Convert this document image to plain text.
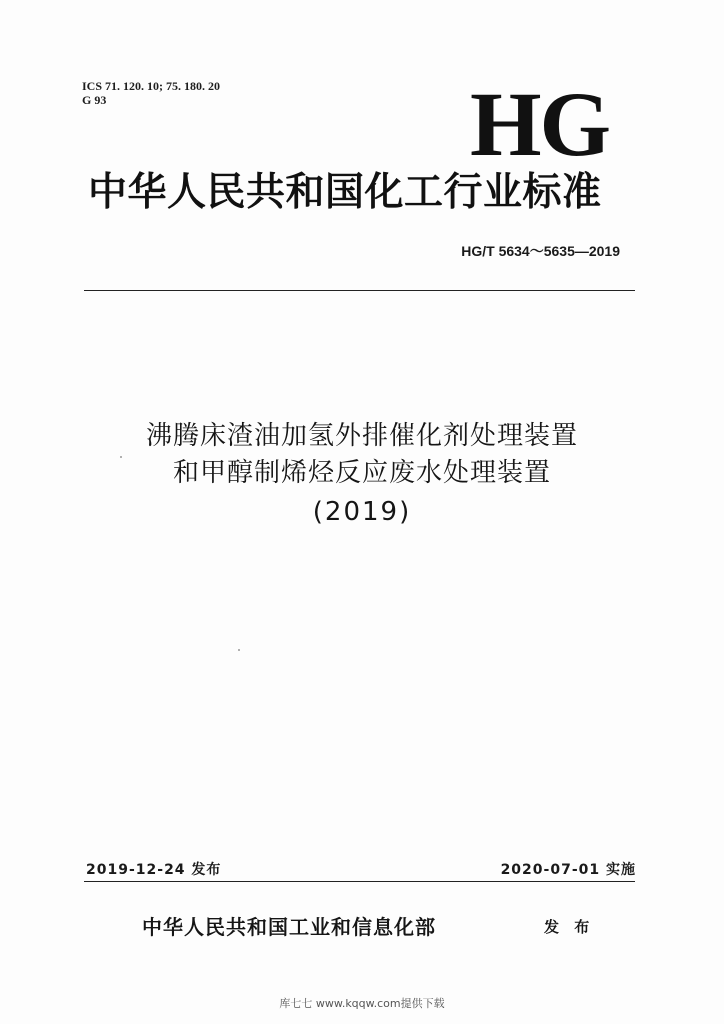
ICS 71. 120. 10; 75. 180. 20
G 93	HG
中华人民共和国化工行业标准
HG/T 5634～5635—2019
沸腾床渣油加氢外排催化剂处理装置
和甲醇制烯烃反应废水处理装置
(2019)
2019-12-24 发布	2020-07-01 实施
中华人民共和国工业和信息化部	发 布
库七七 www.kqqw.com提供下载
